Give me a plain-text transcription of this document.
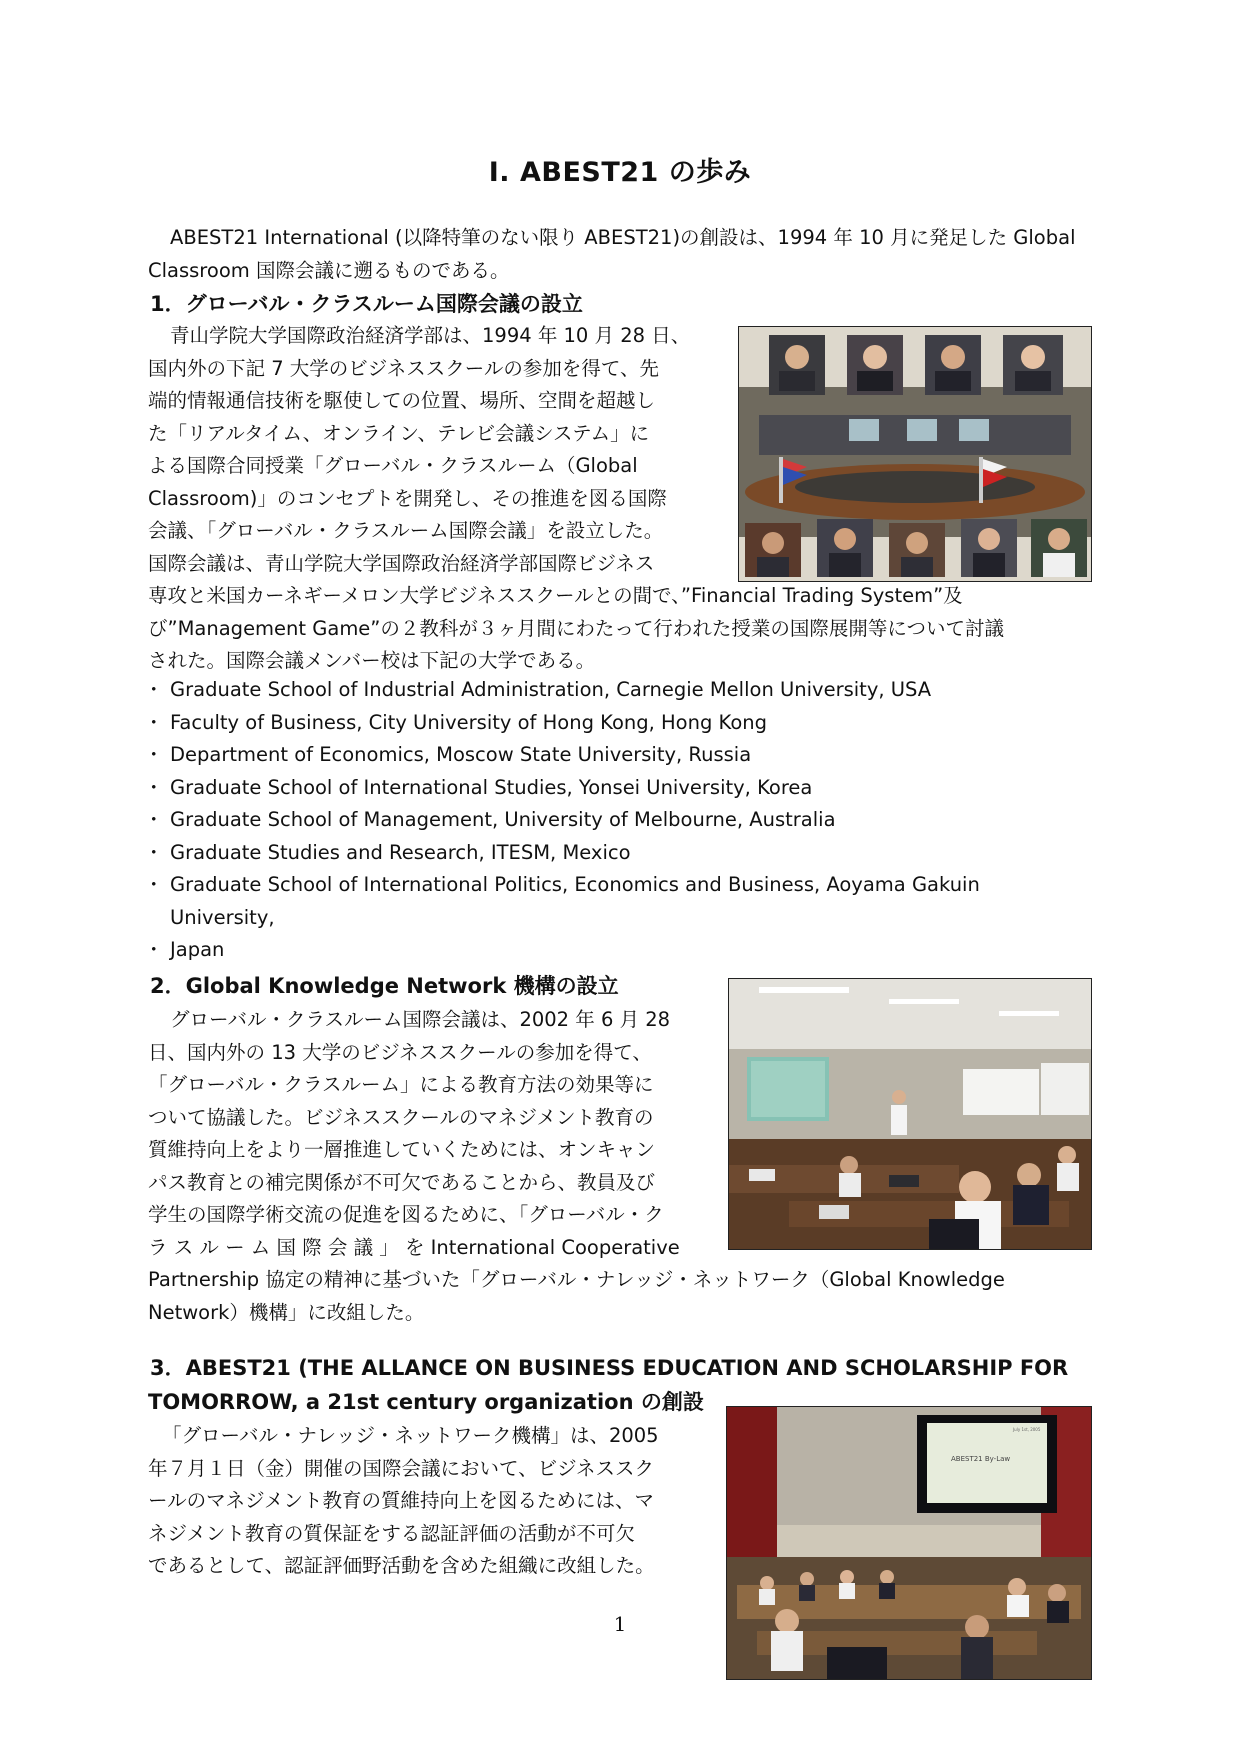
I. ABEST21 の歩み

ABEST21 International (以降特筆のない限り ABEST21)の創設は、1994 年 10 月に発足した Global
Classroom 国際会議に遡るものである。

1．グローバル・クラスルーム国際会議の設立

青山学院大学国際政治経済学部は、1994 年 10 月 28 日、
国内外の下記 7 大学のビジネススクールの参加を得て、先
端的情報通信技術を駆使しての位置、場所、空間を超越し
た「リアルタイム、オンライン、テレビ会議システム」に
よる国際合同授業「グローバル・クラスルーム（Global
Classroom)」のコンセプトを開発し、その推進を図る国際
会議、「グローバル・クラスルーム国際会議」を設立した。
国際会議は、青山学院大学国際政治経済学部国際ビジネス

専攻と米国カーネギーメロン大学ビジネススクールとの間で、”Financial Trading System”及
び”Management Game”の２教科が３ヶ月間にわたって行われた授業の国際展開等について討議
された。国際会議メンバー校は下記の大学である。

・ Graduate School of Industrial Administration, Carnegie Mellon University, USA
・ Faculty of Business, City University of Hong Kong, Hong Kong
・ Department of Economics, Moscow State University, Russia
・ Graduate School of International Studies, Yonsei University, Korea
・ Graduate School of Management, University of Melbourne, Australia
・ Graduate Studies and Research, ITESM, Mexico
・ Graduate School of International Politics, Economics and Business, Aoyama Gakuin University,
・ Japan
2．Global Knowledge Network 機構の設立

グローバル・クラスルーム国際会議は、2002 年 6 月 28
日、国内外の 13 大学のビジネススクールの参加を得て、
「グローバル・クラスルーム」による教育方法の効果等に
ついて協議した。ビジネススクールのマネジメント教育の
質維持向上をより一層推進していくためには、オンキャン
パス教育との補完関係が不可欠であることから、教員及び
学生の国際学術交流の促進を図るために、「グローバル・ク
ラ ス ル ー ム 国 際 会 議 」 を International Cooperative

Partnership 協定の精神に基づいた「グローバル・ナレッジ・ネットワーク（Global Knowledge
Network）機構」に改組した。

3．ABEST21 (THE ALLANCE ON BUSINESS EDUCATION AND SCHOLARSHIP FOR
TOMORROW, a 21st century organization の創設

「グローバル・ナレッジ・ネットワーク機構」は、2005
年７月１日（金）開催の国際会議において、ビジネススク
ールのマネジメント教育の質維持向上を図るためには、マ
ネジメント教育の質保証をする認証評価の活動が不可欠
であるとして、認証評価野活動を含めた組織に改組した。

ABEST21 By-Law
July 1st, 2005
1
